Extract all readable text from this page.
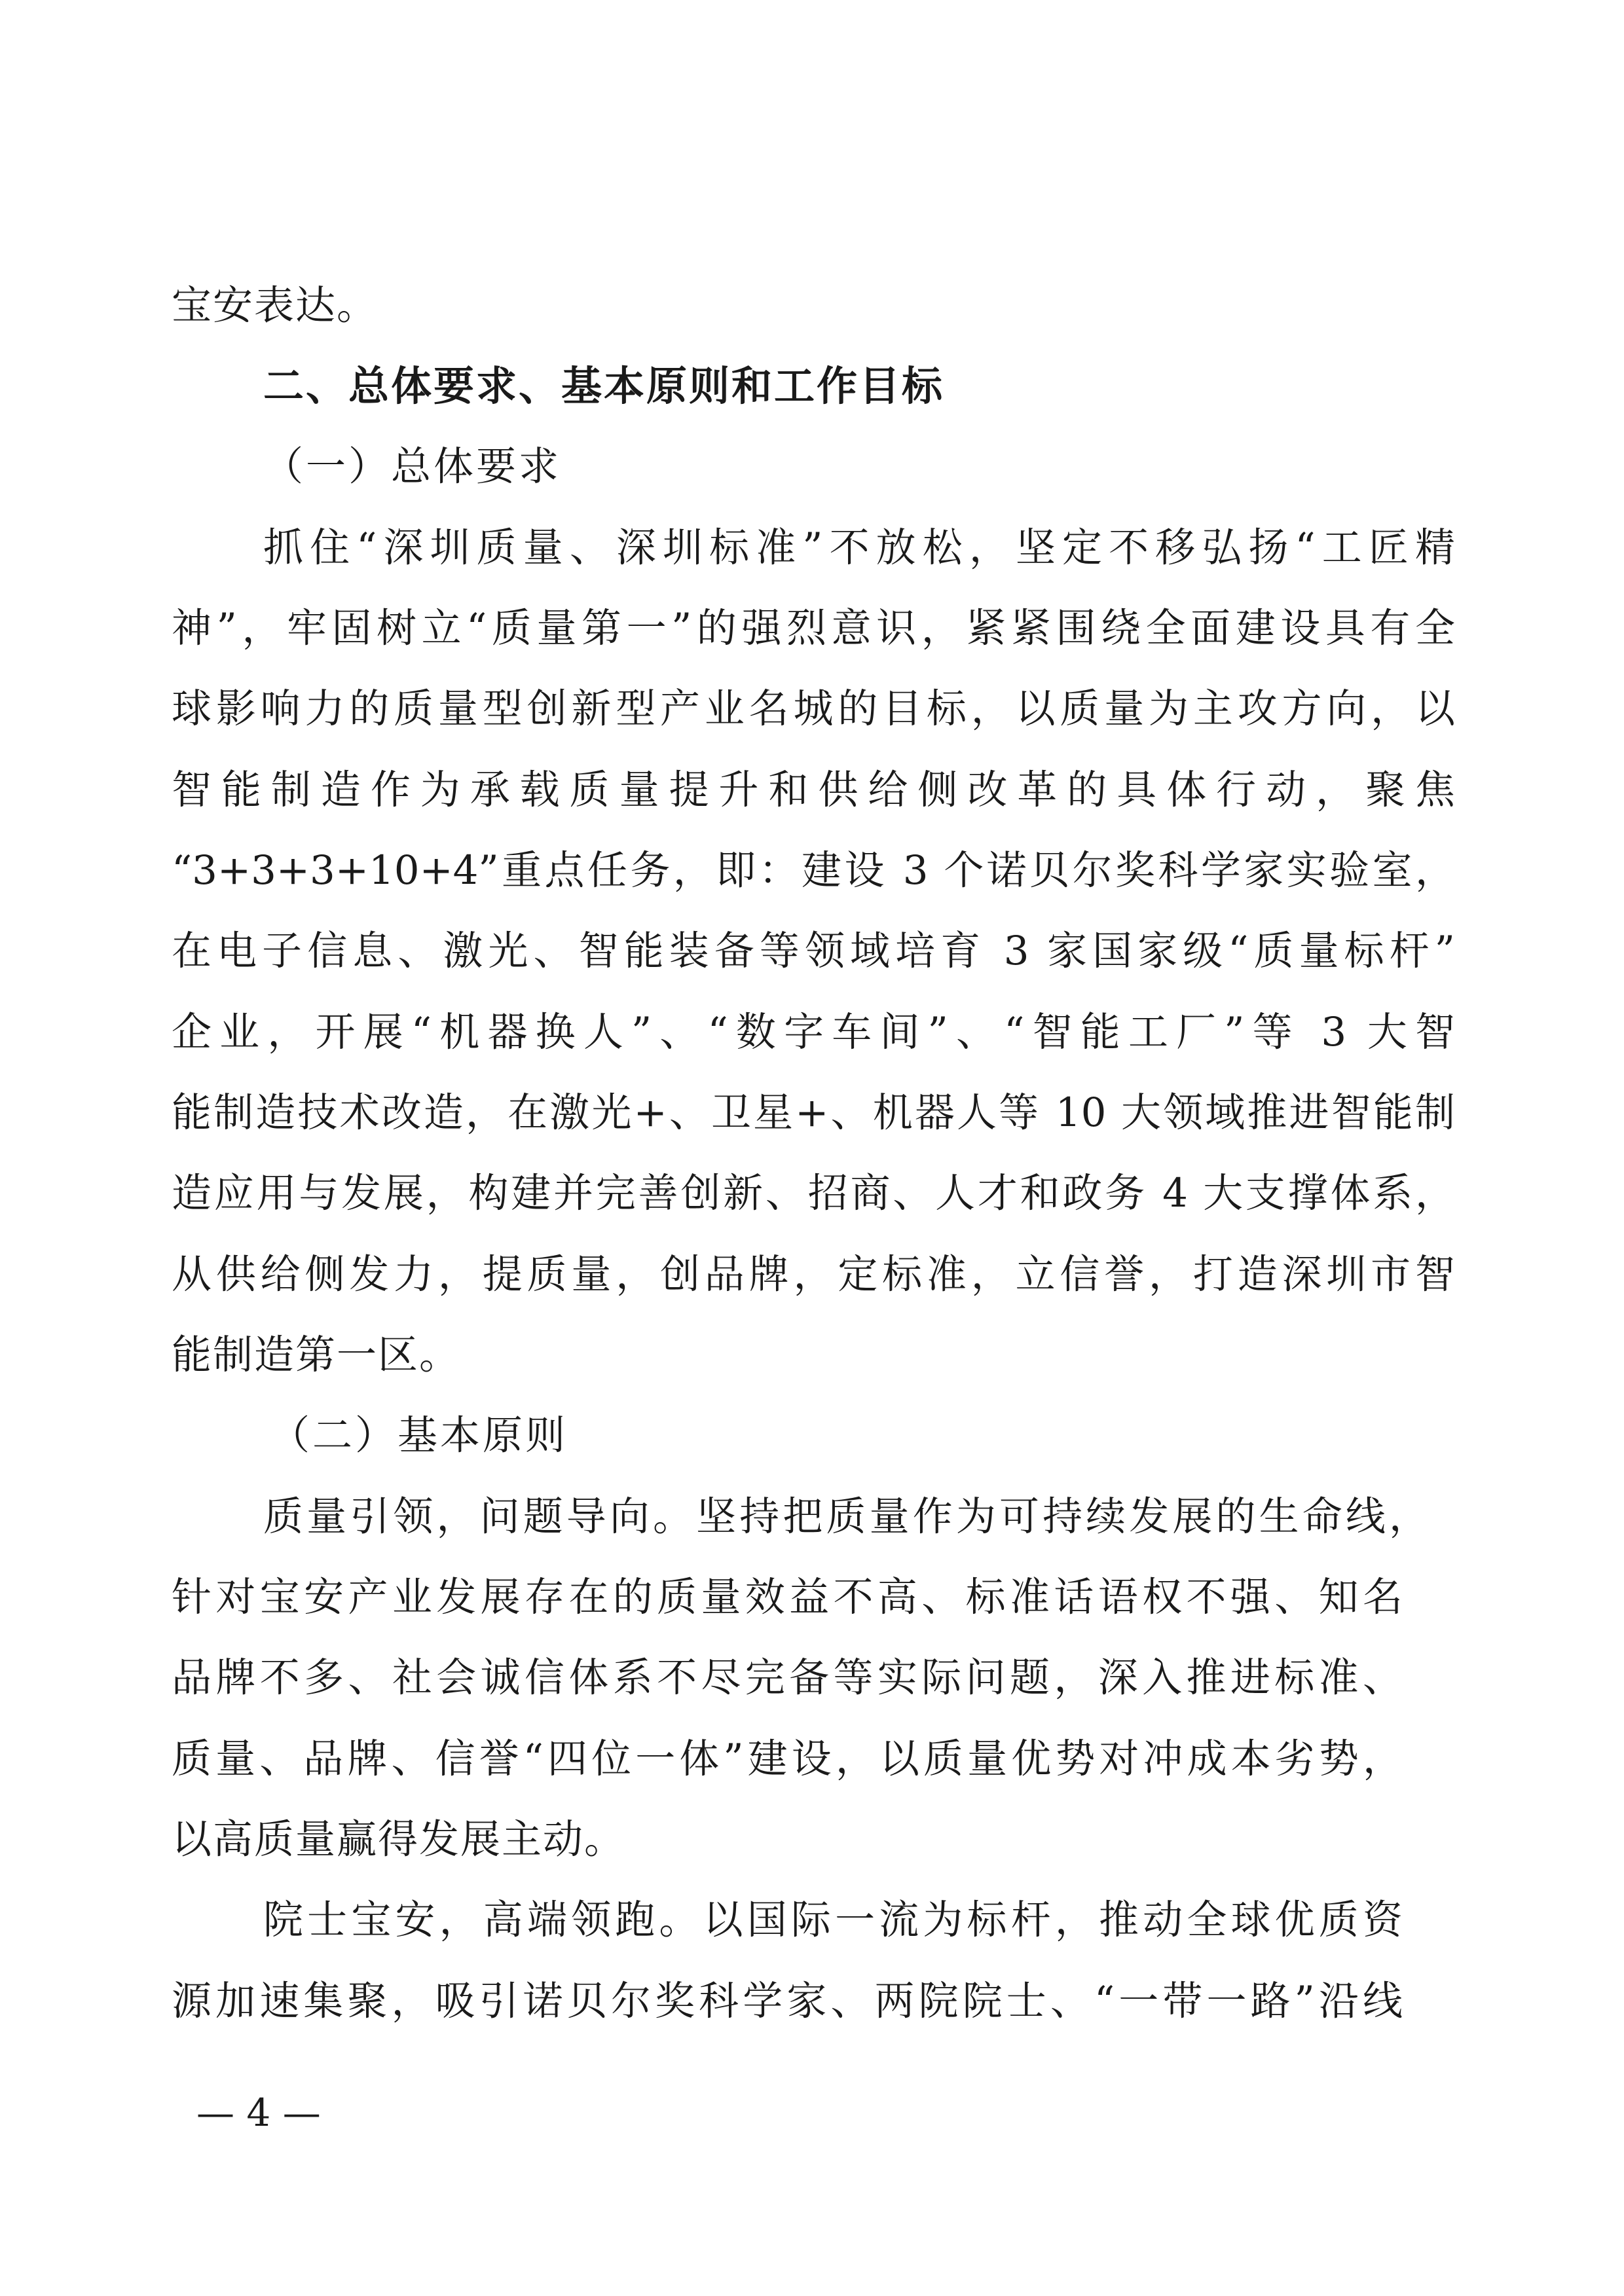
宝安表达。
二、总体要求、基本原则和工作目标
（一）总体要求
抓住“深圳质量、深圳标准”不放松，坚定不移弘扬“工匠精
神”，牢固树立“质量第一”的强烈意识，紧紧围绕全面建设具有全
球影响力的质量型创新型产业名城的目标，以质量为主攻方向，以
智能制造作为承载质量提升和供给侧改革的具体行动，聚焦
“3+3+3+10+4”重点任务，即：建设 3 个诺贝尔奖科学家实验室，
在电子信息、激光、智能装备等领域培育 3 家国家级“质量标杆”
企业，开展“机器换人”、“数字车间”、“智能工厂”等 3 大智
能制造技术改造，在激光+、卫星+、机器人等 10 大领域推进智能制
造应用与发展，构建并完善创新、招商、人才和政务 4 大支撑体系，
从供给侧发力，提质量，创品牌，定标准，立信誉，打造深圳市智
能制造第一区。
（二）基本原则
质量引领，问题导向。坚持把质量作为可持续发展的生命线，
针对宝安产业发展存在的质量效益不高、标准话语权不强、知名
品牌不多、社会诚信体系不尽完备等实际问题，深入推进标准、
质量、品牌、信誉“四位一体”建设，以质量优势对冲成本劣势，
以高质量赢得发展主动。
院士宝安，高端领跑。以国际一流为标杆，推动全球优质资
源加速集聚，吸引诺贝尔奖科学家、两院院士、“一带一路”沿线
— 4 —
